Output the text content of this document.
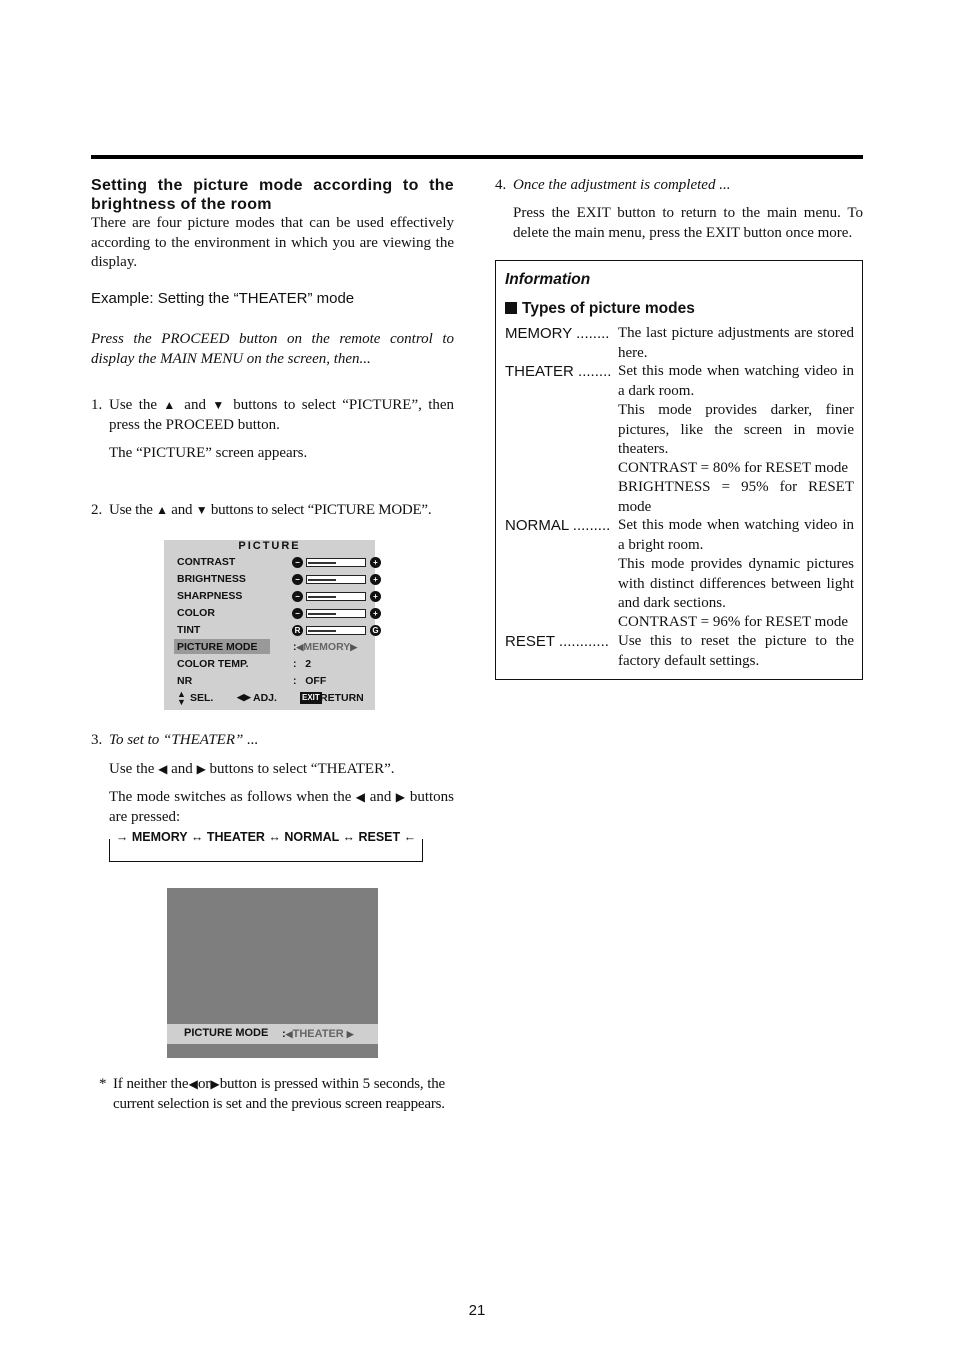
Setting the picture mode according to the brightness of the room
There are four picture modes that can be used effectively according to the environment in which you are viewing the display.
Example: Setting the “THEATER” mode
Press the PROCEED button on the remote control to display the MAIN MENU on the screen, then...
1. Use the ▲ and ▼ buttons to select “PICTURE”, then press the PROCEED button.
The “PICTURE” screen appears.
2. Use the ▲ and ▼ buttons to select “PICTURE MODE”.
PICTURE
CONTRAST	−	+
BRIGHTNESS	−	+
SHARPNESS	−	+
COLOR	−	+
TINT	R	G
PICTURE MODE	:◀MEMORY▶
COLOR TEMP.	: 2
NR	: OFF
▲
▼ SEL.	◀▶ ADJ.	EXIT RETURN
3. To set to “THEATER” ...
Use the ◀ and ▶ buttons to select “THEATER”.
The mode switches as follows when the ◀ and ▶ buttons are pressed:
→ MEMORY ↔ THEATER ↔ NORMAL ↔ RESET ←
PICTURE MODE :◀THEATER ▶
* If neither the◀or▶button is pressed within 5 seconds, the current selection is set and the previous screen reappears.
4. Once the adjustment is completed ...
Press the EXIT button to return to the main menu. To delete the main menu, press the EXIT button once more.
Information
Types of picture modes
MEMORY ........ The last picture adjustments are stored here.
THEATER ........ Set this mode when watching video in a dark room.
This mode provides darker, finer pictures, like the screen in movie theaters.
CONTRAST = 80% for RESET mode
BRIGHTNESS = 95% for RESET mode
NORMAL ......... Set this mode when watching video in a bright room.
This mode provides dynamic pictures with distinct differences between light and dark sections.
CONTRAST = 96% for RESET mode
RESET ............ Use this to reset the picture to the factory default settings.
21
